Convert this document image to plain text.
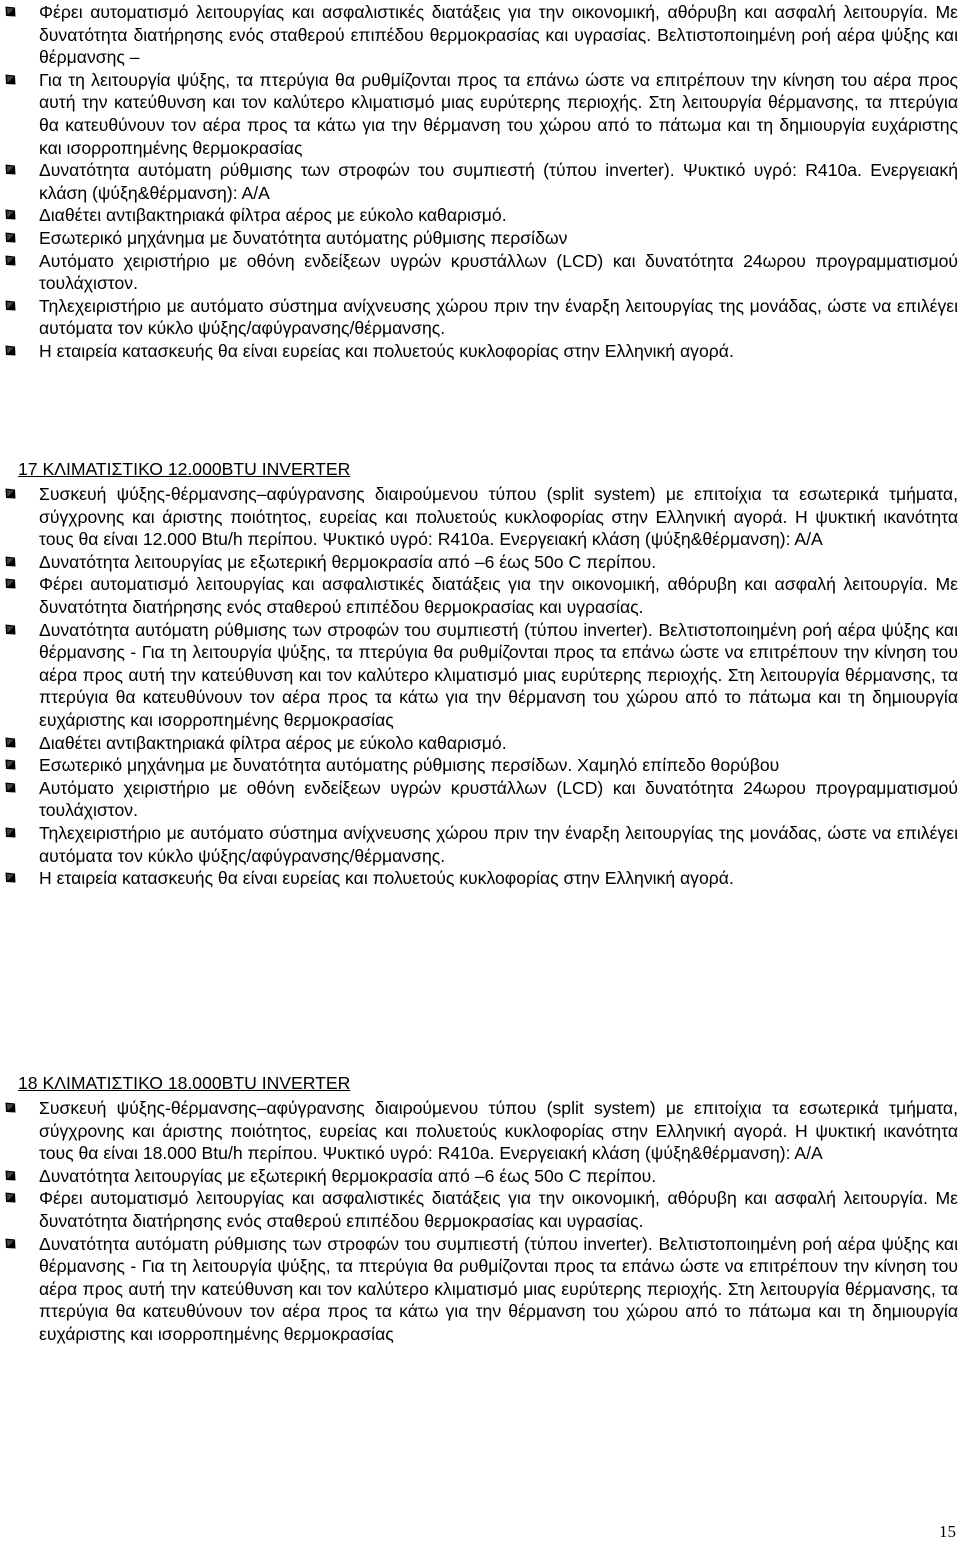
Φέρει αυτοματισμό λειτουργίας και ασφαλιστικές διατάξεις για την οικονομική, αθόρυβη και ασφαλή λειτουργία. Με δυνατότητα διατήρησης ενός σταθερού επιπέδου θερμοκρασίας και υγρασίας. Βελτιστοποιημένη ροή αέρα ψύξης και θέρμανσης –
Για τη λειτουργία ψύξης, τα πτερύγια θα ρυθμίζονται προς τα επάνω ώστε να επιτρέπουν την κίνηση του αέρα προς αυτή την κατεύθυνση και τον καλύτερο κλιματισμό μιας ευρύτερης περιοχής. Στη λειτουργία θέρμανσης, τα πτερύγια θα κατευθύνουν τον αέρα προς τα κάτω για την θέρμανση του χώρου από το πάτωμα και τη δημιουργία ευχάριστης και ισορροπημένης θερμοκρασίας
Δυνατότητα αυτόματη ρύθμισης των στροφών του συμπιεστή (τύπου inverter). Ψυκτικό υγρό: R410a. Ενεργειακή κλάση (ψύξη&θέρμανση): Α/Α
Διαθέτει αντιβακτηριακά φίλτρα αέρος με εύκολο καθαρισμό.
Εσωτερικό μηχάνημα με δυνατότητα αυτόματης ρύθμισης περσίδων
Αυτόματο χειριστήριο με οθόνη ενδείξεων υγρών κρυστάλλων (LCD) και δυνατότητα 24ωρου προγραμματισμού τουλάχιστον.
Τηλεχειριστήριο με αυτόματο σύστημα ανίχνευσης χώρου πριν την έναρξη λειτουργίας της μονάδας, ώστε να επιλέγει αυτόματα τον κύκλο ψύξης/αφύγρανσης/θέρμανσης.
Η εταιρεία κατασκευής θα είναι ευρείας και πολυετούς κυκλοφορίας στην Ελληνική αγορά.
17 ΚΛΙΜΑΤΙΣΤΙΚΟ 12.000BTU INVERTER
Συσκευή ψύξης-θέρμανσης–αφύγρανσης διαιρούμενου τύπου (split system) με επιτοίχια τα εσωτερικά τμήματα, σύγχρονης και άριστης ποιότητος, ευρείας και πολυετούς κυκλοφορίας στην Ελληνική αγορά. Η ψυκτική ικανότητα τους θα είναι 12.000 Btu/h περίπου. Ψυκτικό υγρό: R410a. Ενεργειακή κλάση (ψύξη&θέρμανση): Α/Α
Δυνατότητα λειτουργίας με εξωτερική θερμοκρασία από –6 έως 50ο C περίπου.
Φέρει αυτοματισμό λειτουργίας και ασφαλιστικές διατάξεις για την οικονομική, αθόρυβη και ασφαλή λειτουργία. Με δυνατότητα διατήρησης ενός σταθερού επιπέδου θερμοκρασίας και υγρασίας.
Δυνατότητα αυτόματη ρύθμισης των στροφών του συμπιεστή (τύπου inverter). Βελτιστοποιημένη ροή αέρα ψύξης και θέρμανσης - Για τη λειτουργία ψύξης, τα πτερύγια θα ρυθμίζονται προς τα επάνω ώστε να επιτρέπουν την κίνηση του αέρα προς αυτή την κατεύθυνση και τον καλύτερο κλιματισμό μιας ευρύτερης περιοχής. Στη λειτουργία θέρμανσης, τα πτερύγια θα κατευθύνουν τον αέρα προς τα κάτω για την θέρμανση του χώρου από το πάτωμα και τη δημιουργία ευχάριστης και ισορροπημένης θερμοκρασίας
Διαθέτει αντιβακτηριακά φίλτρα αέρος με εύκολο καθαρισμό.
Εσωτερικό μηχάνημα με δυνατότητα αυτόματης ρύθμισης περσίδων. Χαμηλό επίπεδο θορύβου
Αυτόματο χειριστήριο με οθόνη ενδείξεων υγρών κρυστάλλων (LCD) και δυνατότητα 24ωρου προγραμματισμού τουλάχιστον.
Τηλεχειριστήριο με αυτόματο σύστημα ανίχνευσης χώρου πριν την έναρξη λειτουργίας της μονάδας, ώστε να επιλέγει αυτόματα τον κύκλο ψύξης/αφύγρανσης/θέρμανσης.
Η εταιρεία κατασκευής θα είναι ευρείας και πολυετούς κυκλοφορίας στην Ελληνική αγορά.
18 ΚΛΙΜΑΤΙΣΤΙΚΟ 18.000BTU INVERTER
Συσκευή ψύξης-θέρμανσης–αφύγρανσης διαιρούμενου τύπου (split system) με επιτοίχια τα εσωτερικά τμήματα, σύγχρονης και άριστης ποιότητος, ευρείας και πολυετούς κυκλοφορίας στην Ελληνική αγορά. Η ψυκτική ικανότητα τους θα είναι 18.000 Btu/h περίπου. Ψυκτικό υγρό: R410a. Ενεργειακή κλάση (ψύξη&θέρμανση): Α/Α
Δυνατότητα λειτουργίας με εξωτερική θερμοκρασία από –6 έως 50ο C περίπου.
Φέρει αυτοματισμό λειτουργίας και ασφαλιστικές διατάξεις για την οικονομική, αθόρυβη και ασφαλή λειτουργία. Με δυνατότητα διατήρησης ενός σταθερού επιπέδου θερμοκρασίας και υγρασίας.
Δυνατότητα αυτόματη ρύθμισης των στροφών του συμπιεστή (τύπου inverter). Βελτιστοποιημένη ροή αέρα ψύξης και θέρμανσης - Για τη λειτουργία ψύξης, τα πτερύγια θα ρυθμίζονται προς τα επάνω ώστε να επιτρέπουν την κίνηση του αέρα προς αυτή την κατεύθυνση και τον καλύτερο κλιματισμό μιας ευρύτερης περιοχής. Στη λειτουργία θέρμανσης, τα πτερύγια θα κατευθύνουν τον αέρα προς τα κάτω για την θέρμανση του χώρου από το πάτωμα και τη δημιουργία ευχάριστης και ισορροπημένης θερμοκρασίας
15
